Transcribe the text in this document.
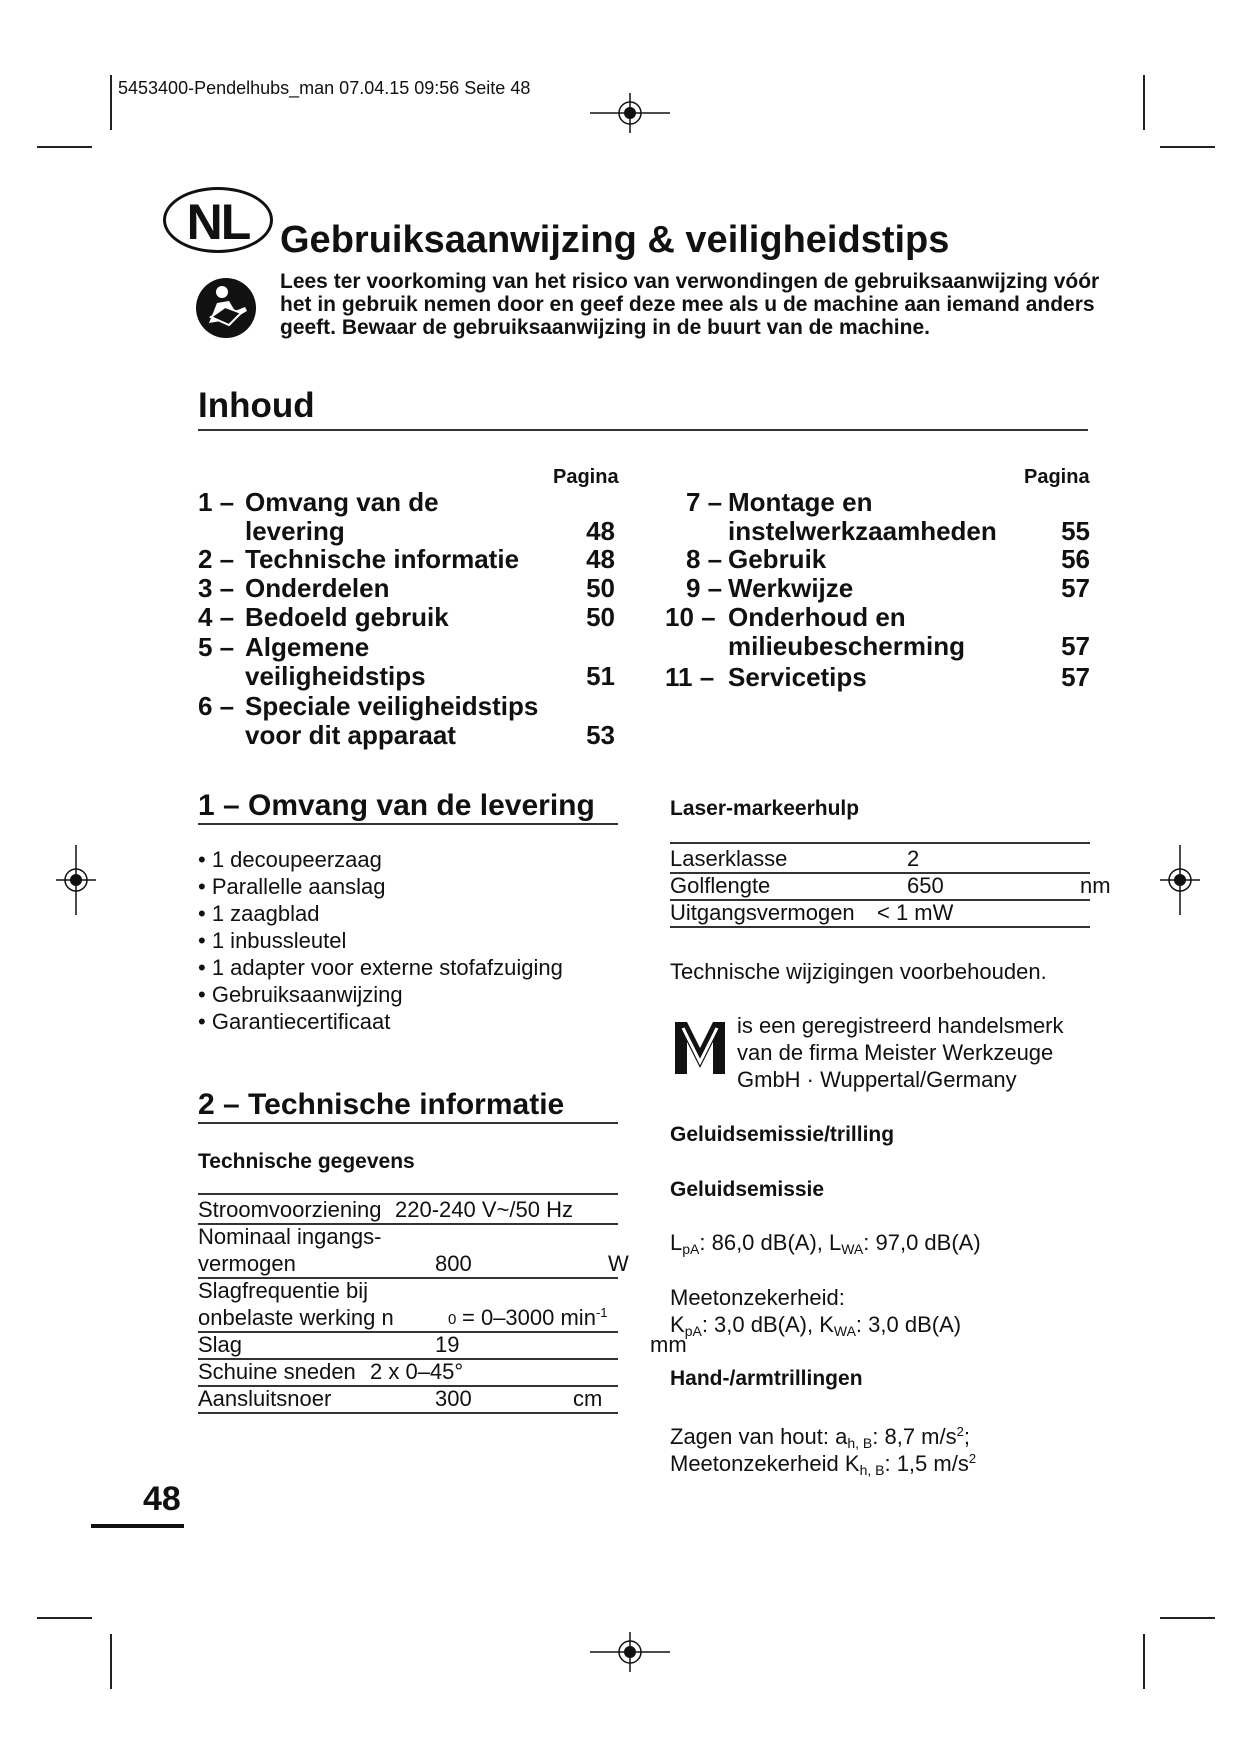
5453400-Pendelhubs_man 07.04.15 09:56 Seite 48
NL Gebruiksaanwijzing & veiligheidstips
Lees ter voorkoming van het risico van verwondingen de gebruiksaanwijzing vóór het in gebruik nemen door en geef deze mee als u de machine aan iemand anders geeft. Bewaar de gebruiksaanwijzing in de buurt van de machine.
Inhoud
Pagina	Pagina
1 – Omvang van de
levering	48
2 – Technische informatie	48
3 – Onderdelen	50
4 – Bedoeld gebruik	50
5 – Algemene
veiligheidstips	51
6 – Speciale veiligheidstips
voor dit apparaat	53
7 – Montage en
instelwerkzaamheden	55
8 – Gebruik	56
9 – Werkwijze	57
10 – Onderhoud en
milieubescherming	57
11 – Servicetips	57
1 – Omvang van de levering
• 1 decoupeerzaag
• Parallelle aanslag
• 1 zaagblad
• 1 inbussleutel
• 1 adapter voor externe stofafzuiging
• Gebruiksaanwijzing
• Garantiecertificaat
2 – Technische informatie
Technische gegevens
Stroomvoorziening 220-240 V~/50 Hz
Nominaal ingangs-
vermogen	800	W
Slagfrequentie bij
onbelaste werking n	0 = 0–3000 $\min^{-1}$
Slag	19	mm
Schuine sneden 2 x 0–45°
Aansluitsnoer	300	cm
Laser-markeerhulp
Laserklasse	2
Golflengte	650	nm
Uitgangsvermogen < 1 mW
Technische wijzigingen voorbehouden.
is een geregistreerd handelsmerk
van de firma Meister Werkzeuge
GmbH · Wuppertal/Germany
Geluidsemissie/trilling
Geluidsemissie
$L_{pA}$: 86,0 dB(A), $L_{WA}$: 97,0 dB(A)
Meetonzekerheid:
$K_{pA}$: 3,0 dB(A), $K_{WA}$: 3,0 dB(A)
Hand-/armtrillingen
Zagen van hout: $a_{h, B}$: 8,7 $m/s^2$;
Meetonzekerheid $K_{h, B}$: 1,5 $m/s^2$
48
